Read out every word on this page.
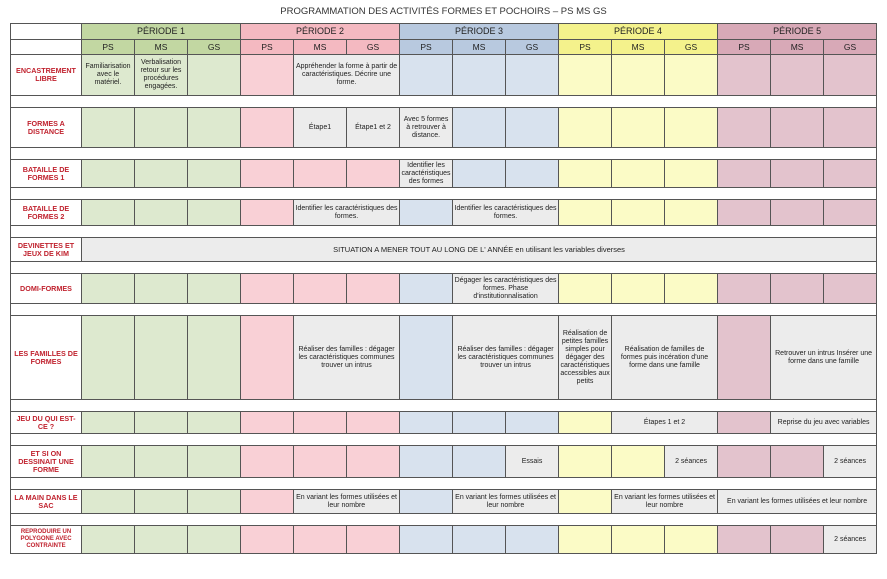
PROGRAMMATION DES ACTIVITÉS FORMES ET POCHOIRS – PS MS GS
	PÉRIODE 1			PÉRIODE 2			PÉRIODE 3			PÉRIODE 4			PÉRIODE 5		
	PS	MS	GS	PS	MS	GS	PS	MS	GS	PS	MS	GS	PS	MS	GS
ENCASTREMENT LIBRE	Familiarisation avec le matériel.	Verbalisation retour sur les procédures engagées.			Appréhender la forme à partir de caractéristiques. Décrire une forme.										

FORMES A DISTANCE					Étape1	Étape1 et 2	Avec 5 formes à retrouver à distance.								

BATAILLE DE FORMES 1							Identifier les caractéristiques des formes								

BATAILLE DE FORMES 2					Identifier les caractéristiques des formes.			Identifier les caractéristiques des formes.							

DEVINETTES ET JEUX DE KIM	SITUATION A MENER TOUT AU LONG DE L' ANNÉE en utilisant les variables diverses														

DOMI-FORMES								Dégager les caractéristiques des formes. Phase d'institutionnalisation							

LES FAMILLES DE FORMES					Réaliser des familles : dégager les caractéristiques communes trouver un intrus			Réaliser des familles : dégager les caractéristiques communes trouver un intrus		Réalisation de petites familles simples pour dégager des caractéristiques accessibles aux petits	Réalisation de familles de formes puis incération d'une forme dans une famille			Retrouver un intrus Insérer une forme dans une famille	

JEU DU QUI EST-CE ?											Étapes 1 et 2			Reprise du jeu avec variables	

ET SI ON DESSINAIT UNE FORME									Essais			2 séances			2 séances

LA MAIN DANS LE SAC					En variant les formes utilisées et leur nombre			En variant les formes utilisées et leur nombre			En variant les formes utilisées et leur nombre		En variant les formes utilisées et leur nombre		

REPRODUIRE UN POLYGONE AVEC CONTRAINTE															2 séances
